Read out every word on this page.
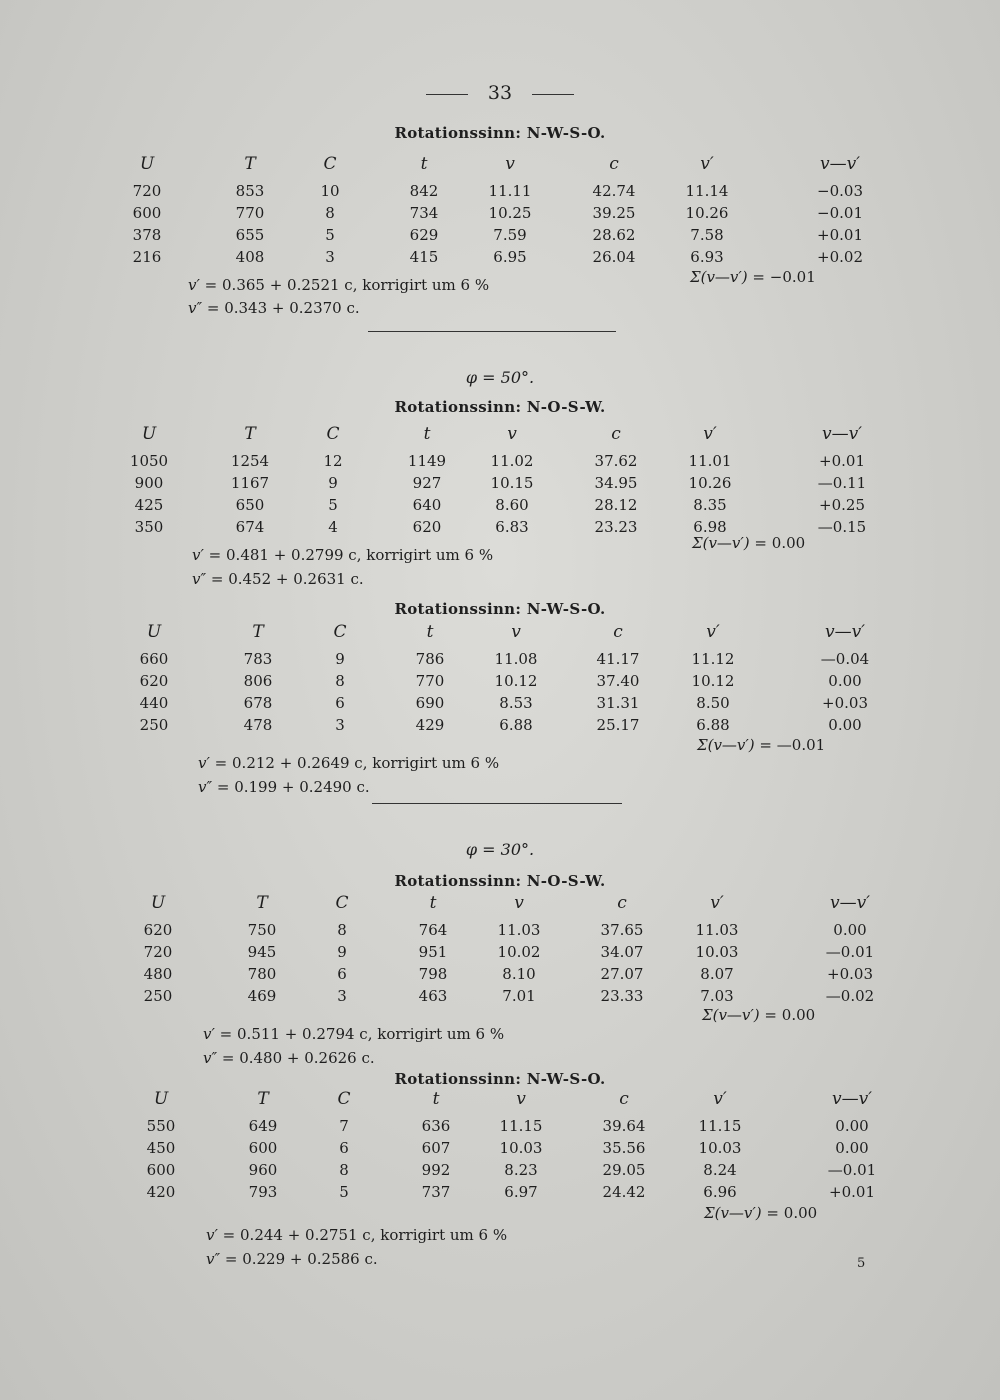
33
Rotationssinn: N-W-S-O.
U	T	C	t	v	c	v′	v—v′
720	853	10	842	11.11	42.74	11.14	−0.03
600	770	8	734	10.25	39.25	10.26	−0.01
378	655	5	629	7.59	28.62	7.58	+0.01
216	408	3	415	6.95	26.04	6.93	+0.02
v′ = 0.365 + 0.2521 c, korrigirt um 6 %
v″ = 0.343 + 0.2370 c.
Σ(v—v′) = −0.01
φ = 50°.
Rotationssinn: N-O-S-W.
U	T	C	t	v	c	v′	v—v′
1050	1254	12	1149	11.02	37.62	11.01	+0.01
900	1167	9	927	10.15	34.95	10.26	—0.11
425	650	5	640	8.60	28.12	8.35	+0.25
350	674	4	620	6.83	23.23	6.98	—0.15
v′ = 0.481 + 0.2799 c, korrigirt um 6 %
v″ = 0.452 + 0.2631 c.
Σ(v—v′) = 0.00
Rotationssinn: N-W-S-O.
U	T	C	t	v	c	v′	v—v′
660	783	9	786	11.08	41.17	11.12	—0.04
620	806	8	770	10.12	37.40	10.12	0.00
440	678	6	690	8.53	31.31	8.50	+0.03
250	478	3	429	6.88	25.17	6.88	0.00
v′ = 0.212 + 0.2649 c, korrigirt um 6 %
v″ = 0.199 + 0.2490 c.
Σ(v—v′) = —0.01
φ = 30°.
Rotationssinn: N-O-S-W.
U	T	C	t	v	c	v′	v—v′
620	750	8	764	11.03	37.65	11.03	0.00
720	945	9	951	10.02	34.07	10.03	—0.01
480	780	6	798	8.10	27.07	8.07	+0.03
250	469	3	463	7.01	23.33	7.03	—0.02
v′ = 0.511 + 0.2794 c, korrigirt um 6 %
v″ = 0.480 + 0.2626 c.
Σ(v—v′) = 0.00
Rotationssinn: N-W-S-O.
U	T	C	t	v	c	v′	v—v′
550	649	7	636	11.15	39.64	11.15	0.00
450	600	6	607	10.03	35.56	10.03	0.00
600	960	8	992	8.23	29.05	8.24	—0.01
420	793	5	737	6.97	24.42	6.96	+0.01
v′ = 0.244 + 0.2751 c, korrigirt um 6 %
v″ = 0.229 + 0.2586 c.
Σ(v—v′) = 0.00
5
